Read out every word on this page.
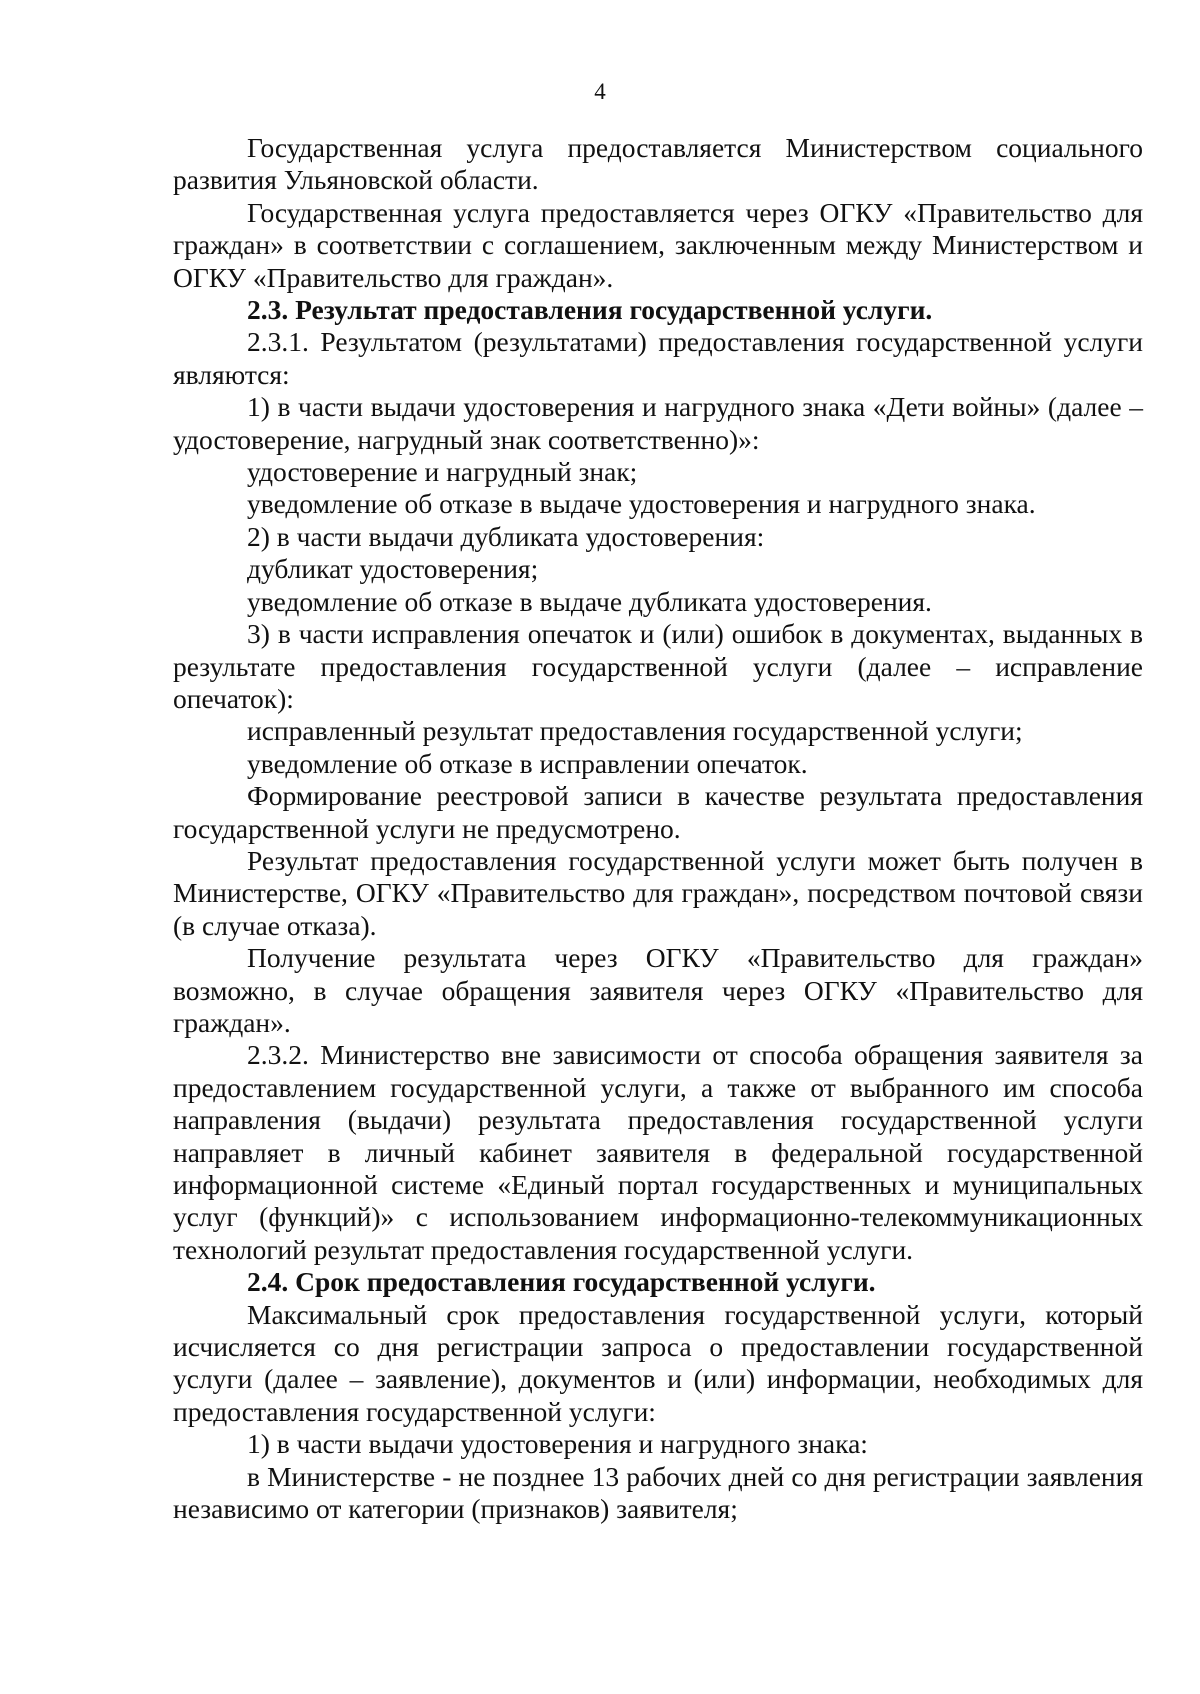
4

Государственная услуга предоставляется Министерством социального развития Ульяновской области.

Государственная услуга предоставляется через ОГКУ «Правительство для граждан» в соответствии с соглашением, заключенным между Министерством и ОГКУ «Правительство для граждан».

2.3. Результат предоставления государственной услуги.

2.3.1. Результатом (результатами) предоставления государственной услуги являются:

1) в части выдачи удостоверения и нагрудного знака «Дети войны» (далее – удостоверение, нагрудный знак соответственно)»:

удостоверение и нагрудный знак;

уведомление об отказе в выдаче удостоверения и нагрудного знака.

2) в части выдачи дубликата удостоверения:

дубликат удостоверения;

уведомление об отказе в выдаче дубликата удостоверения.

3) в части исправления опечаток и (или) ошибок в документах, выданных в результате предоставления государственной услуги (далее – исправление опечаток):

исправленный результат предоставления государственной услуги;

уведомление об отказе в исправлении опечаток.

Формирование реестровой записи в качестве результата предоставления государственной услуги не предусмотрено.

Результат предоставления государственной услуги может быть получен в Министерстве, ОГКУ «Правительство для граждан», посредством почтовой связи (в случае отказа).

Получение результата через ОГКУ «Правительство для граждан» возможно, в случае обращения заявителя через ОГКУ «Правительство для граждан».

2.3.2. Министерство вне зависимости от способа обращения заявителя за предоставлением государственной услуги, а также от выбранного им способа направления (выдачи) результата предоставления государственной услуги направляет в личный кабинет заявителя в федеральной государственной информационной системе «Единый портал государственных и муниципальных услуг (функций)» с использованием информационно-телекоммуникационных технологий результат предоставления государственной услуги.

2.4. Срок предоставления государственной услуги.

Максимальный срок предоставления государственной услуги, который исчисляется со дня регистрации запроса о предоставлении государственной услуги (далее – заявление), документов и (или) информации, необходимых для предоставления государственной услуги:

1) в части выдачи удостоверения и нагрудного знака:

в Министерстве - не позднее 13 рабочих дней со дня регистрации заявления независимо от категории (признаков) заявителя;
